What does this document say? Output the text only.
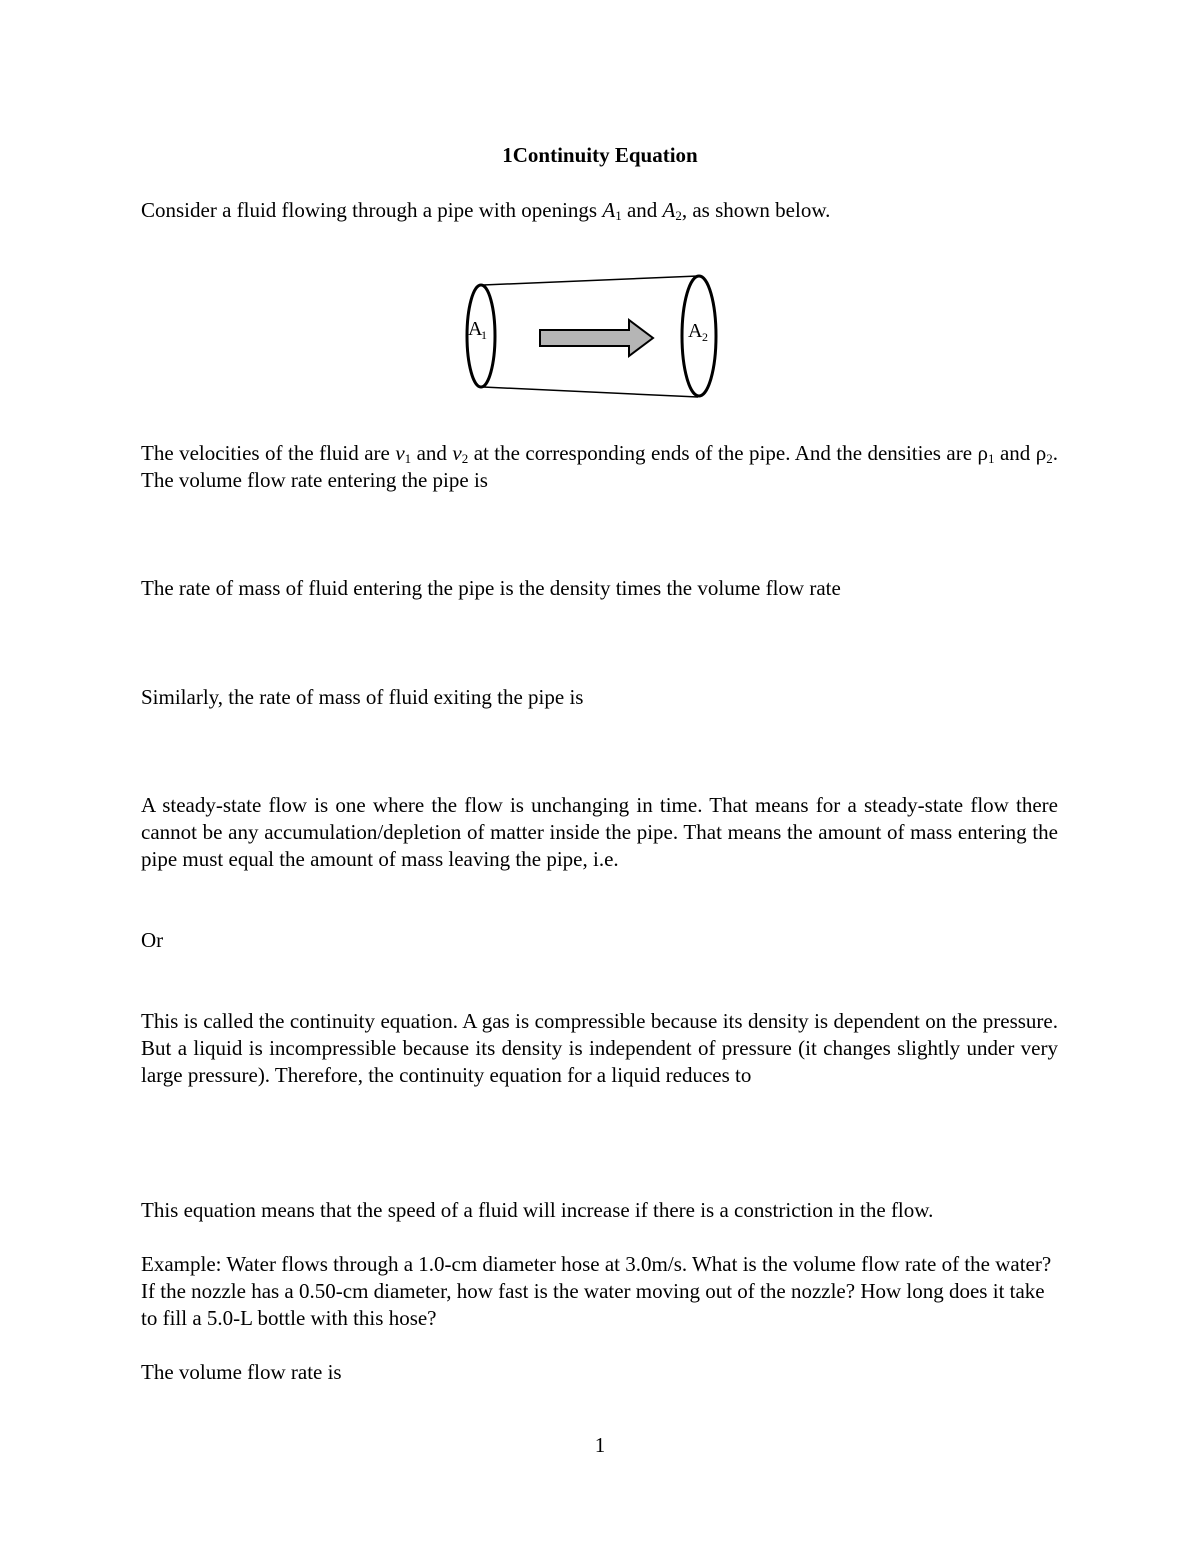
1Continuity Equation
Consider a fluid flowing through a pipe with openings $A_1$ and $A_2$, as shown below.
A
1	A 2
The velocities of the fluid are $v_1$ and $v_2$ at the corresponding ends of the pipe. And the densities are $\rho_1$ and $\rho_2$. The volume flow rate entering the pipe is
The rate of mass of fluid entering the pipe is the density times the volume flow rate
Similarly, the rate of mass of fluid exiting the pipe is
A steady-state flow is one where the flow is unchanging in time. That means for a steady-state flow there cannot be any accumulation/depletion of matter inside the pipe. That means the amount of mass entering the pipe must equal the amount of mass leaving the pipe, i.e.
Or
This is called the continuity equation. A gas is compressible because its density is dependent on the pressure. But a liquid is incompressible because its density is independent of pressure (it changes slightly under very large pressure). Therefore, the continuity equation for a liquid reduces to
This equation means that the speed of a fluid will increase if there is a constriction in the flow.
Example: Water flows through a 1.0-cm diameter hose at 3.0m/s. What is the volume flow rate of the water? If the nozzle has a 0.50-cm diameter, how fast is the water moving out of the nozzle? How long does it take to fill a 5.0-L bottle with this hose?
The volume flow rate is
1
